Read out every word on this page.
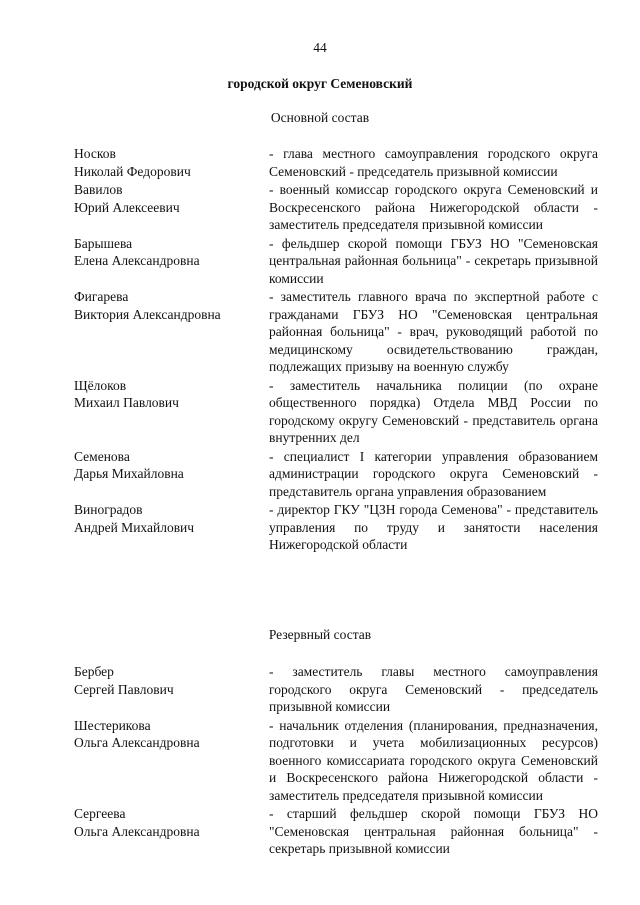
44
городской округ Семеновский
Основной состав
Носков
Николай Федорович
- глава местного самоуправления городского округа Семеновский - председатель призывной комиссии
Вавилов
Юрий Алексеевич
- военный комиссар городского округа Семеновский и Воскресенского района Нижегородской области - заместитель председателя призывной комиссии
Барышева
Елена Александровна
- фельдшер скорой помощи ГБУЗ НО "Семеновская центральная районная больница" - секретарь призывной комиссии
Фигарева
Виктория Александровна
- заместитель главного врача по экспертной работе с гражданами ГБУЗ НО "Семеновская центральная районная больница" - врач, руководящий работой по медицинскому освидетельствованию граждан, подлежащих призыву на военную службу
Щёлоков
Михаил Павлович
- заместитель начальника полиции (по охране общественного порядка) Отдела МВД России по городскому округу Семеновский - представитель органа внутренних дел
Семенова
Дарья Михайловна
- специалист I категории управления образованием администрации городского округа Семеновский - представитель органа управления образованием
Виноградов
Андрей Михайлович
- директор ГКУ "ЦЗН города Семенова" - представитель управления по труду и занятости населения Нижегородской области
Резервный состав
Бербер
Сергей Павлович
- заместитель главы местного самоуправления городского округа Семеновский - председатель призывной комиссии
Шестерикова
Ольга Александровна
- начальник отделения (планирования, предназначения, подготовки и учета мобилизационных ресурсов) военного комиссариата городского округа Семеновский и Воскресенского района Нижегородской области - заместитель председателя призывной комиссии
Сергеева
Ольга Александровна
- старший фельдшер скорой помощи ГБУЗ НО "Семеновская центральная районная больница" - секретарь призывной комиссии
